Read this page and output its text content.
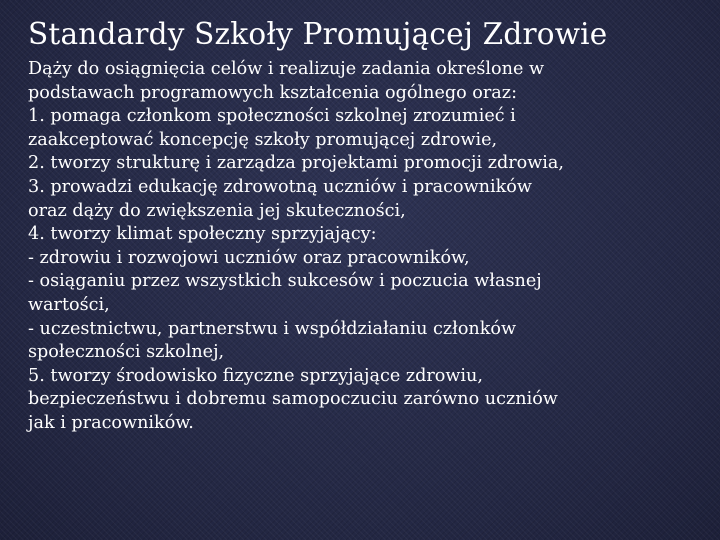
Standardy Szkoły Promującej Zdrowie
Dąży do osiągnięcia celów i realizuje zadania określone w
podstawach programowych kształcenia ogólnego oraz:
1. pomaga członkom społeczności szkolnej zrozumieć i
zaakceptować koncepcję szkoły promującej zdrowie,
2. tworzy strukturę i zarządza projektami promocji zdrowia,
3. prowadzi edukację zdrowotną uczniów i pracowników
oraz dąży do zwiększenia jej skuteczności,
4. tworzy klimat społeczny sprzyjający:
- zdrowiu i rozwojowi uczniów oraz pracowników,
- osiąganiu przez wszystkich sukcesów i poczucia własnej
wartości,
- uczestnictwu, partnerstwu i współdziałaniu członków
społeczności szkolnej,
5. tworzy środowisko fizyczne sprzyjające zdrowiu,
bezpieczeństwu i dobremu samopoczuciu zarówno uczniów
jak i pracowników.
